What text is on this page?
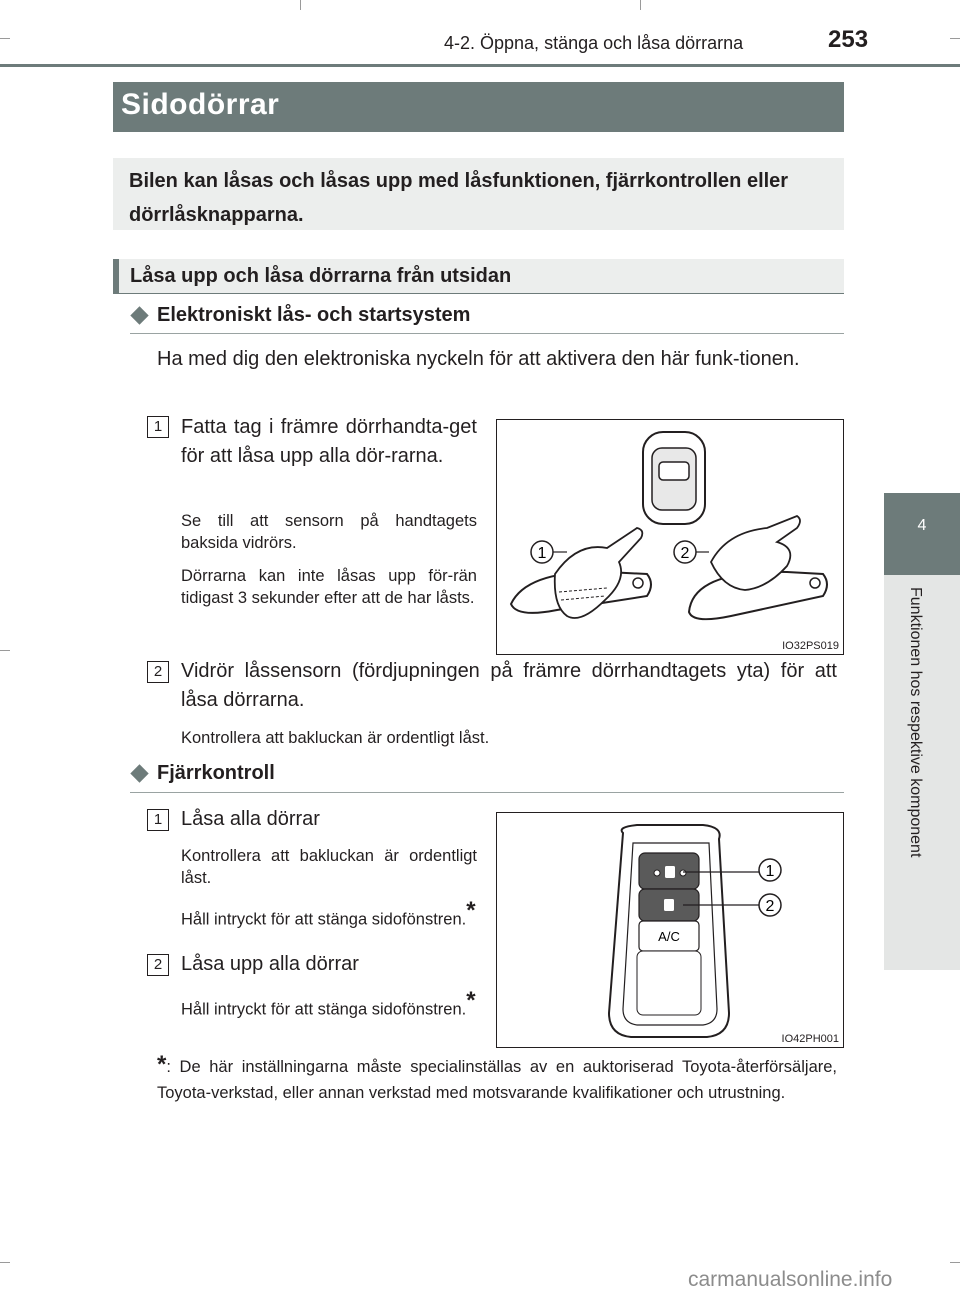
4-2. Öppna, stänga och låsa dörrarna	253
4
Funktionen hos respektive komponent
Sidodörrar
Bilen kan låsas och låsas upp med låsfunktionen, fjärrkontrollen eller dörrlåsknapparna.
Låsa upp och låsa dörrarna från utsidan
Elektroniskt lås- och startsystem
Ha med dig den elektroniska nyckeln för att aktivera den här funk-tionen.
1 Fatta tag i främre dörrhandta-get för att låsa upp alla dör-rarna.
Se till att sensorn på handtagets baksida vidrörs.
Dörrarna kan inte låsas upp för-rän tidigast 3 sekunder efter att de har låsts.
1	2
IO32PS019
2 Vidrör låssensorn (fördjupningen på främre dörrhandtagets yta) för att låsa dörrarna.
Kontrollera att bakluckan är ordentligt låst.
Fjärrkontroll
1 Låsa alla dörrar
Kontrollera att bakluckan är ordentligt låst.
Håll intryckt för att stänga sidofönstren.*
2 Låsa upp alla dörrar
Håll intryckt för att stänga sidofönstren.*
A/C
1
2
IO42PH001
*: De här inställningarna måste specialinställas av en auktoriserad Toyota-återförsäljare, Toyota-verkstad, eller annan verkstad med motsvarande kvalifikationer och utrustning.
carmanualsonline.info
